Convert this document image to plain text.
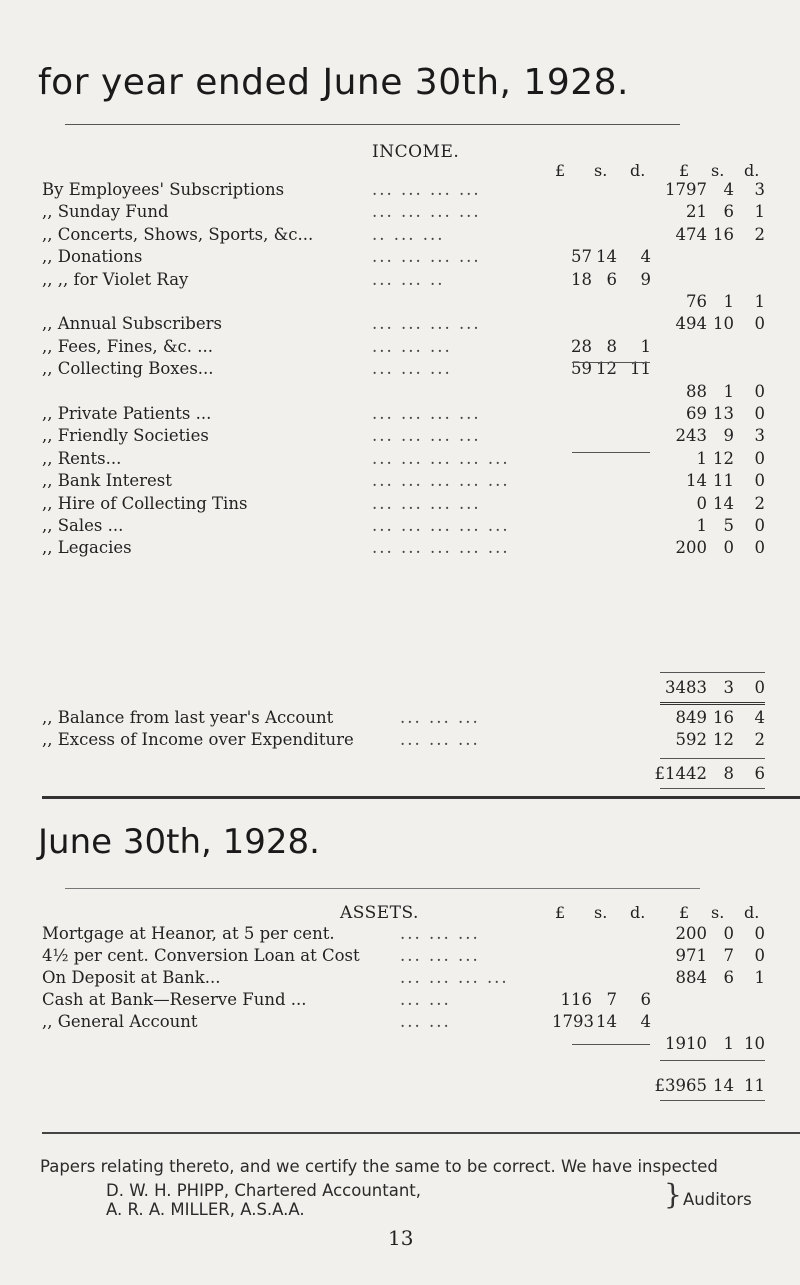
for year ended June 30th, 1928.
INCOME.
£ s. d. £ s. d.
By Employees' Subscriptions	... ... ... ...	1797	4	3
,, Sunday Fund	... ... ... ...	21	6	1
,, Concerts, Shows, Sports, &c...	.. ... ...	474 16	2
,, Donations	... ... ... ...	57 14	4
,, ,, for Violet Ray	... ... ..	18 6	9
76	1	1
,, Annual Subscribers	... ... ... ...	494 10	0
,, Fees, Fines, &c. ...	... ... ...	28 8	1
,, Collecting Boxes...	... ... ...	59 12 11
88	1	0
,, Private Patients ...	... ... ... ...	69 13	0
,, Friendly Societies	... ... ... ...	243	9	3
,, Rents...	... ... ... ... ...	1 12	0
,, Bank Interest	... ... ... ... ...	14 11	0
,, Hire of Collecting Tins	... ... ... ...	0 14	2
,, Sales ...	... ... ... ... ...	1	5	0
,, Legacies	... ... ... ... ...	200	0	0
3483	3	0
,, Balance from last year's Account	... ... ...	849 16	4
,, Excess of Income over Expenditure	... ... ...	592 12	2
£1442	8	6
June 30th, 1928.
ASSETS.	£ s. d. £ s. d.
Mortgage at Heanor, at 5 per cent.	... ... ...	200	0	0
4½ per cent. Conversion Loan at Cost ... ... ...	971	7	0
On Deposit at Bank...	... ... ... ...	884	6	1
Cash at Bank—Reserve Fund ...	... ...	116 7	6
,, General Account	... ...	1793 14	4
1910	1 10
£3965 14 11
Papers relating thereto, and we certify the same to be correct. We have inspected
D. W. H. PHIPP, Chartered Accountant,
A. R. A. MILLER, A.S.A.A.	} Auditors
13
